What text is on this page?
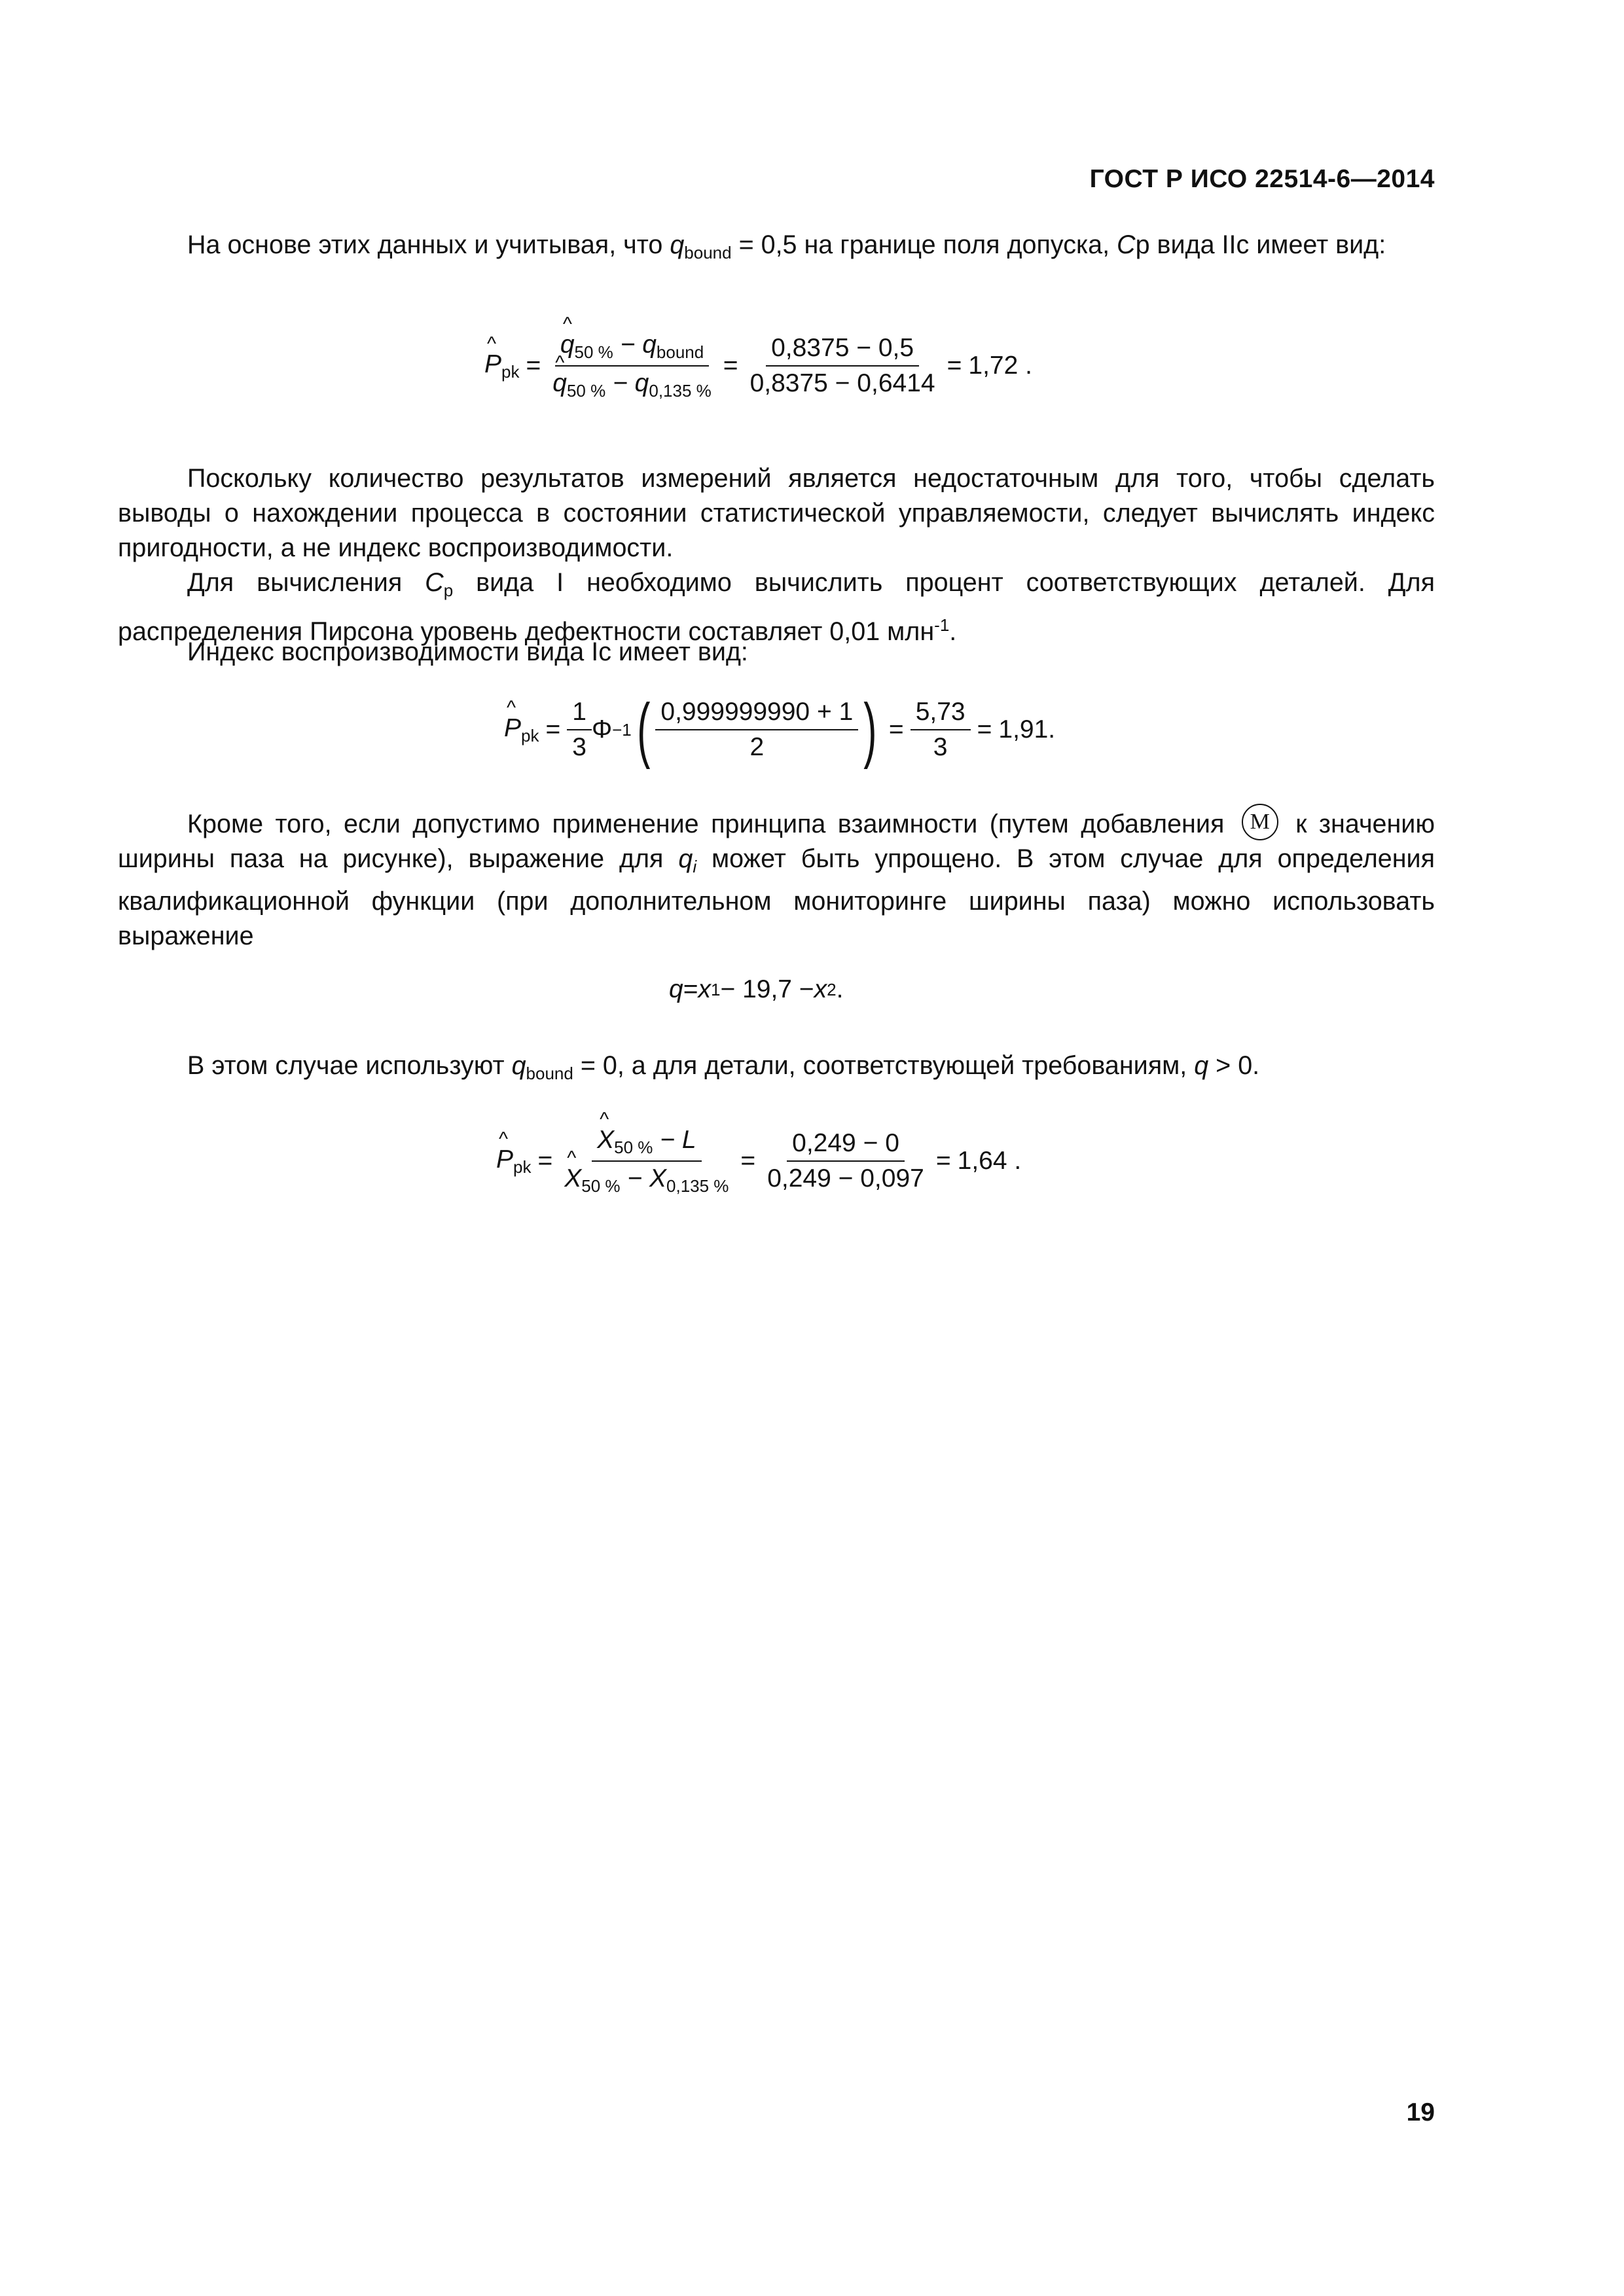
ГОСТ Р ИСО 22514-6—2014
На основе этих данных и учитывая, что $q_{bound} = 0,5$ на границе поля допуска, Cp вида IIc имеет вид:
^ $P_{pk}$ = ^ $q_{50 \%} - q_{bound}$
^ $q_{50 \%} - q_{0,135 \%} = \frac{0,8375 - 0,5}{0,8375 - 0,6414} = 1,72$ .
Поскольку количество результатов измерений является недостаточным для того, чтобы сделать выводы о нахождении процесса в состоянии статистической управляемости, следует вычислять индекс пригодности, а не индекс воспроизводимости.
Для вычисления $C_p$ вида I необходимо вычислить процент соответствующих деталей. Для распределения Пирсона уровень дефектности составляет 0,01 млн$^{-1}$.
Индекс воспроизводимости вида Ic имеет вид:
^ $P_{pk} = \frac{1}{3}$ Φ −1 ( $\frac{0,999999990 + 1}{2}$ ) = $\frac{5,73}{3} = 1,91$.
Кроме того, если допустимо применение принципа взаимности (путем добавления M к значению ширины паза на рисунке), выражение для $q_i$ может быть упрощено. В этом случае для определения квалификационной функции (при дополнительном мониторинге ширины паза) можно использовать выражение
q = x 1 − 19,7 − x 2 .
В этом случае используют $q_{bound} = 0$, а для детали, соответствующей требованиям, q > 0.
^ $P_{pk}$ = ^ $X_{50 \%} - L$
^ $X_{50 \%} - X_{0,135 \%} = \frac{0,249 - 0}{0,249 - 0,097} = 1,64$ .
19
